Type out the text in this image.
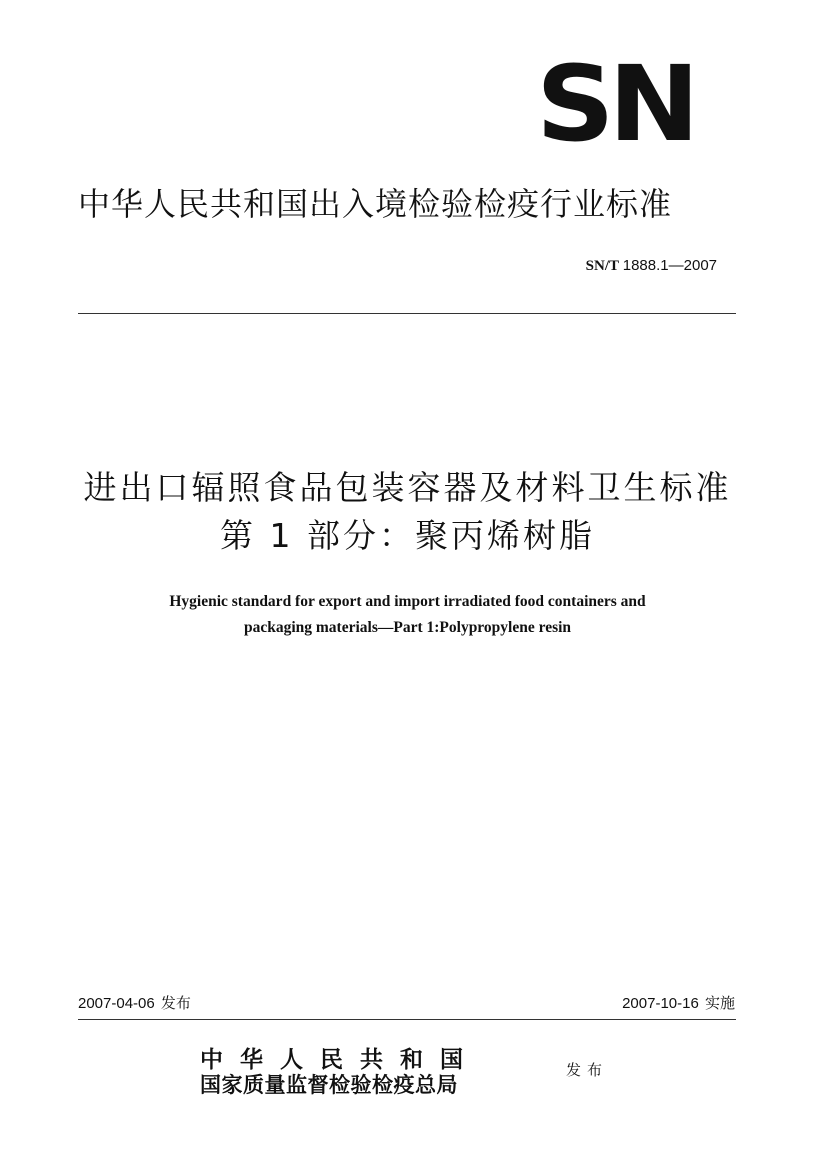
SN
中华人民共和国出入境检验检疫行业标准
SN/T 1888.1—2007
进出口辐照食品包装容器及材料卫生标准
第 1 部分：聚丙烯树脂
Hygienic standard for export and import irradiated food containers and
packaging materials—Part 1:Polypropylene resin
2007-04-06 发布	2007-10-16 实施
中华人民共和国
国家质量监督检验检疫总局
发布
